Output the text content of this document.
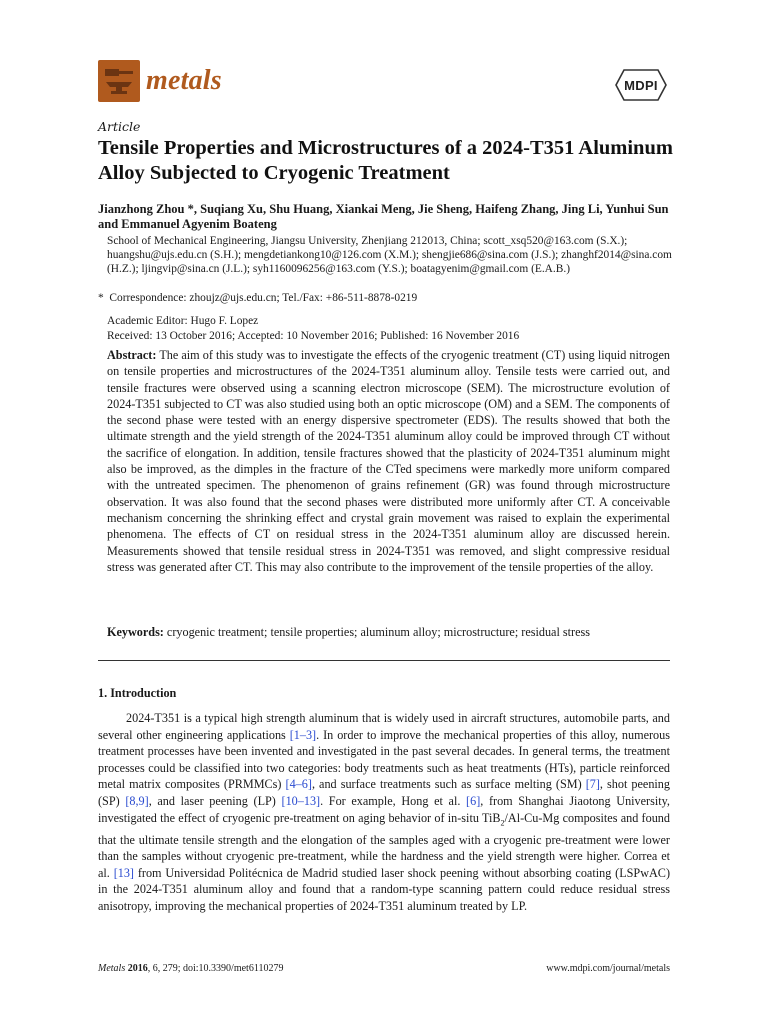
metals	MDPI
Article
Tensile Properties and Microstructures of a 2024-T351 Aluminum Alloy Subjected to Cryogenic Treatment
Jianzhong Zhou *, Suqiang Xu, Shu Huang, Xiankai Meng, Jie Sheng, Haifeng Zhang, Jing Li, Yunhui Sun and Emmanuel Agyenim Boateng
School of Mechanical Engineering, Jiangsu University, Zhenjiang 212013, China; scott_xsq520@163.com (S.X.); huangshu@ujs.edu.cn (S.H.); mengdetiankong10@126.com (X.M.); shengjie686@sina.com (J.S.); zhanghf2014@sina.com (H.Z.); ljingvip@sina.cn (J.L.); syh1160096256@163.com (Y.S.); boatagyenim@gmail.com (E.A.B.)
* Correspondence: zhoujz@ujs.edu.cn; Tel./Fax: +86-511-8878-0219
Academic Editor: Hugo F. Lopez
Received: 13 October 2016; Accepted: 10 November 2016; Published: 16 November 2016
Abstract: The aim of this study was to investigate the effects of the cryogenic treatment (CT) using liquid nitrogen on tensile properties and microstructures of the 2024-T351 aluminum alloy. Tensile tests were carried out, and tensile fractures were observed using a scanning electron microscope (SEM). The microstructure evolution of 2024-T351 subjected to CT was also studied using both an optic microscope (OM) and a SEM. The components of the second phase were tested with an energy dispersive spectrometer (EDS). The results showed that both the ultimate strength and the yield strength of the 2024-T351 aluminum alloy could be improved through CT without the sacrifice of elongation. In addition, tensile fractures showed that the plasticity of 2024-T351 aluminum might also be improved, as the dimples in the fracture of the CTed specimens were markedly more uniform compared with the untreated specimen. The phenomenon of grains refinement (GR) was found through microstructure observation. It was also found that the second phases were distributed more uniformly after CT. A conceivable mechanism concerning the shrinking effect and crystal grain movement was raised to explain the experimental phenomena. The effects of CT on residual stress in the 2024-T351 aluminum alloy are discussed herein. Measurements showed that tensile residual stress in 2024-T351 was removed, and slight compressive residual stress was generated after CT. This may also contribute to the improvement of the tensile properties of the alloy.
Keywords: cryogenic treatment; tensile properties; aluminum alloy; microstructure; residual stress
1. Introduction
2024-T351 is a typical high strength aluminum that is widely used in aircraft structures, automobile parts, and several other engineering applications [1–3]. In order to improve the mechanical properties of this alloy, numerous treatment processes have been invented and investigated in the past several decades. In general terms, the treatment processes could be classified into two categories: body treatments such as heat treatments (HTs), particle reinforced metal matrix composites (PRMMCs) [4–6], and surface treatments such as surface melting (SM) [7], shot peening (SP) [8,9], and laser peening (LP) [10–13]. For example, Hong et al. [6], from Shanghai Jiaotong University, investigated the effect of cryogenic pre-treatment on aging behavior of in-situ TiB$_2$/Al-Cu-Mg composites and found that the ultimate tensile strength and the elongation of the samples aged with a cryogenic pre-treatment were lower than the samples without cryogenic pre-treatment, while the hardness and the yield strength were higher. Correa et al. [13] from Universidad Politécnica de Madrid studied laser shock peening without absorbing coating (LSPwAC) in the 2024-T351 aluminum alloy and found that a random-type scanning pattern could reduce residual stress anisotropy, improving the mechanical properties of 2024-T351 aluminum treated by LP.
Metals 2016, 6, 279; doi:10.3390/met6110279	www.mdpi.com/journal/metals
